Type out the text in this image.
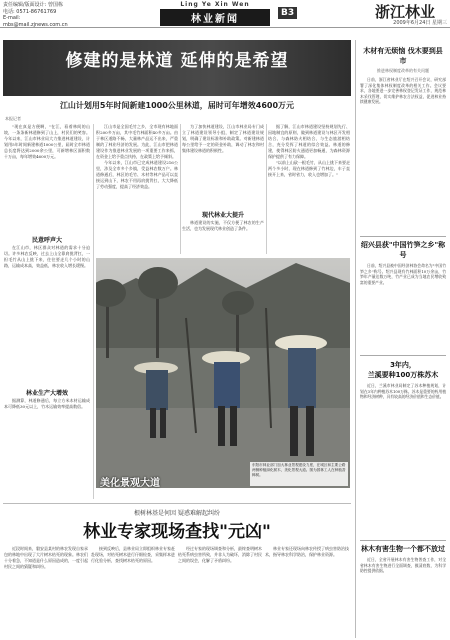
责任编辑/版面设计: 曾国栋
电话: 0571-86761769
E-mail: mbs@mail.zjnews.com.cn
Ling Ye Xin Wen
林业新闻
B3	浙江林业
2009年6月24日 星期三
修建的是林道 延伸的是希望
江山计划用5年时间新建1000公里林道，届时可年增效4600万元
本报记者

"现在真是方便啊，"在江，看着林间的山坡，一条条新林道修到了山上，村民们的笑容。今年以来，江山市林业局大力推进林道建设，计划用5年时间新建林道1000公里，届时全市林道总长度将达到2000余公里，可新增林区面积数十万亩，每年增效4600万元。

民意呼声大

在江山市，林区群众对林道的需求十分迫切。许多林农反映，过去上山全靠肩挑背扛，一担毛竹从山上挑下来，往往要走几个小时的山路，运输成本高，效益低，林农收入增长缓慢。

林业生产大增效

据测算，林道修通后，每立方米木材运输成本可降低30元以上，竹木运输效率提高数倍。

江山市是全国毛竹之乡，全市现有林地面积200多万亩，其中毛竹林面积40多万亩。由于林区道路不畅，大量林产品运不出来，严重制约了林业经济的发展。为此，江山市把林道建设作为推进林业发展的一项重要工作来抓，在资金上给予重点扶持，在政策上给予倾斜。

今年以来，江山市已完成林道建设216公里，涉及全市多个乡镇，受益林农数万户。林道修通后，林区的毛竹、木材等林产品可以直接运到山下，林农不用再肩挑背扛，大大降低了劳动强度，提高了经济效益。

为了加快林道建设，江山市林业局专门成立了林道建设领导小组，制定了林道建设规划，明确了建设标准和补助政策。对新建林道每公里给予一定的资金补助，调动了林农和村集体建设林道的积极性。

现代林业大提升

林道建设的实施，不仅方便了林农的生产生活，也为发展现代林业创造了条件。

据了解，江山市林道建设坚持规划先行、因地制宜的原则，做到林道建设与林区开发相结合、与森林防火相结合、与生态旅游相结合，充分发挥了林道的综合效益。林道的修建，使得林区防火通道更加畅通，为森林资源保护提供了有力保障。

"以前上山砍一根毛竹，从山上挑下来要走两个多小时，现在林道修到了竹林边，车子直接开上来，省时省力，收入也增加了。"

美化景观大道
东阳市林业部门加大林业景观建设力度，在城区和主要公路两侧种植绿化树木，美化景观大道。图为园林工人在种植香樟树。
根树林基是何因 疑惑难解起纠纷
林业专家现场查找"元凶"

近段时间来，磐安县某村的林农发现自家承包的林地中出现了大片树木枯死的现象。林农们十分着急，不知道是什么原因造成的，一度引起村民之间的猜疑和纠纷。

接到反映后，县林业局立即组织林业专家赶赴现场，对枯死树木进行仔细检查，采集样本进行化验分析，查找树木枯死的原因。

经过专家的现场调查和分析，最终查明树木枯死系病虫害所致，并非人为破坏，消除了村民之间的误会，化解了矛盾纠纷。

林业专家还现场向林农传授了病虫害防治技术，指导林农科学防治，保护林业资源。

木材有无烦恼 伐木要到县市
推进林权制度改革的有关问题
日前，浙江省林业厅在绍兴召开会议，研究部署了深化集体林权制度改革的相关工作。会议要求，各地要进一步完善林权登记发证工作，规范林木采伐管理，切实维护林农合法权益，促进林业持续健康发展。
绍兴县获"中国竹笋之乡"称号
日前，绍兴县被中国经济林协会命名为"中国竹笋之乡"称号。绍兴县现有竹林面积10万余亩，竹笋年产量达数万吨，竹产业已成为当地农民增收致富的重要产业。
3年内，
兰溪要种100万株苏木
近日，兰溪市林业局制定了苏木种植规划，计划在3年内种植苏木100万株。苏木是重要的药用植物和经济树种，具有较高的经济价值和生态价值。
林木有害生物一个都不放过
近日，全省开展林木有害生物普查工作，对全省林木有害生物进行全面调查，摸清底数，为科学防控提供依据。
